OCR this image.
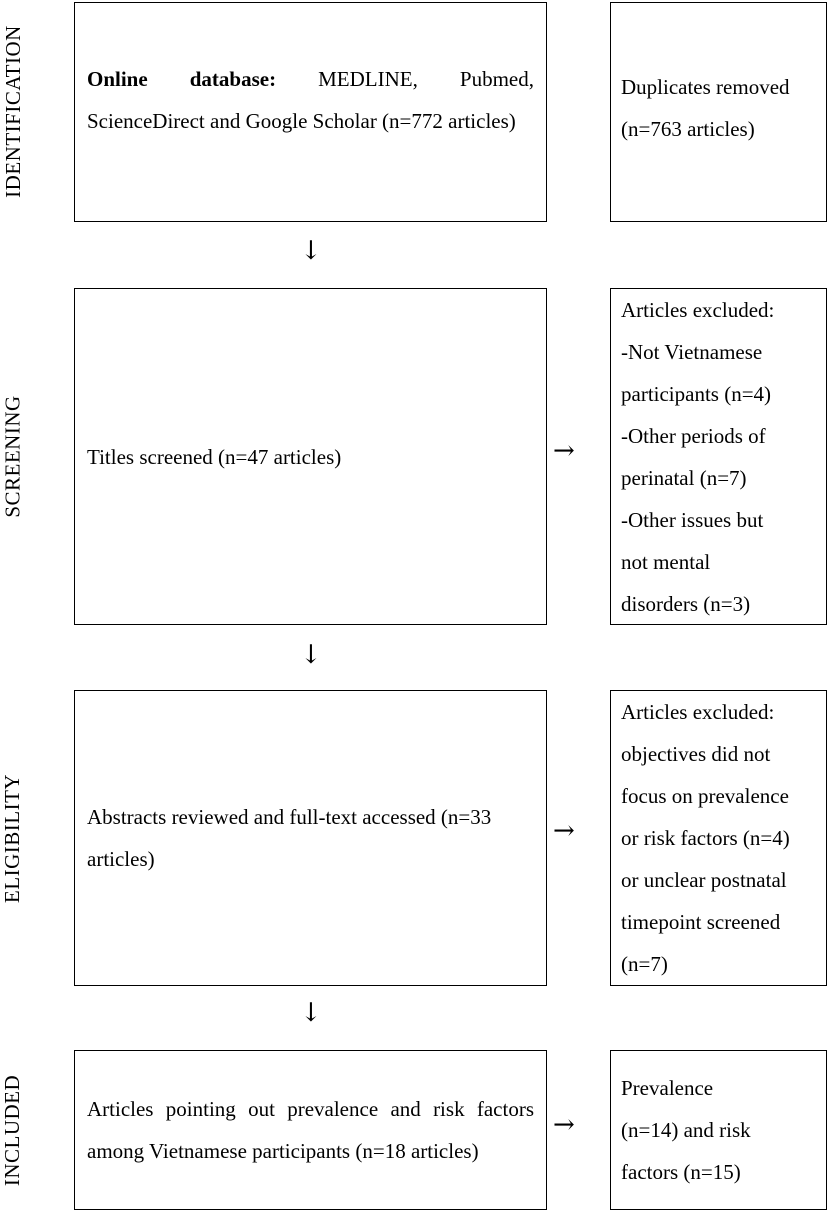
IDENTIFICATION
SCREENING
ELIGIBILITY
INCLUDED
Online database: MEDLINE, Pubmed, ScienceDirect and Google Scholar (n=772 articles)
Duplicates removed
(n=763 articles)
↓
Titles screened (n=47 articles)	→
Articles excluded:
-Not Vietnamese
participants (n=4)
-Other periods of
perinatal (n=7)
-Other issues but
not mental
disorders (n=3)
↓
Abstracts reviewed and full-text accessed (n=33 articles)
→
Articles excluded:
objectives did not
focus on prevalence
or risk factors (n=4)
or unclear postnatal
timepoint screened
(n=7)
↓
Articles pointing out prevalence and risk factors among Vietnamese participants (n=18 articles)
→
Prevalence
(n=14) and risk
factors (n=15)
